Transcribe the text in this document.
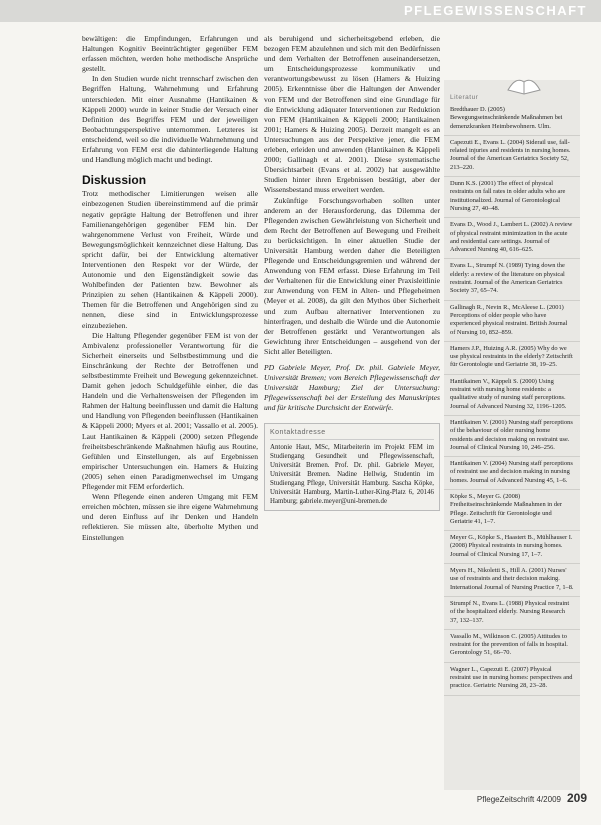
PFLEGEWISSENSCHAFT

bewältigen: die Empfindungen, Erfahrungen und Haltungen Kognitiv Beeinträchtigter gegenüber FEM erfassen möchten, werden hohe methodische Ansprüche gestellt.

In den Studien wurde nicht trennscharf zwischen den Begriffen Haltung, Wahrnehmung und Erfahrung unterschieden. Mit einer Ausnahme (Hantikainen & Käppeli 2000) wurde in keiner Studie der Versuch einer Definition des Begriffes FEM und der jeweiligen Beobachtungsperspektive unternommen. Letzteres ist entscheidend, weil so die individuelle Wahrnehmung und Erfahrung von FEM erst die dahinterliegende Haltung und Handlung möglich macht und bedingt.

Diskussion

Trotz methodischer Limitierungen weisen alle einbezogenen Studien übereinstimmend auf die primär negativ geprägte Haltung der Betroffenen und ihrer Familienangehörigen gegenüber FEM hin. Der wahrgenommene Verlust von Freiheit, Würde und Bewegungsmöglichkeit kennzeichnet diese Haltung. Das spricht dafür, bei der Entwicklung alternativer Interventionen den Respekt vor der Würde, der Autonomie und den Eigenständigkeit sowie das Wohlbefinden der Patienten bzw. Bewohner als Prinzipien zu sehen (Hantikainen & Käppeli 2000). Themen für die Betroffenen und Angehörigen sind zu nennen, diese sind in Entwicklungsprozesse einzubeziehen.

Die Haltung Pflegender gegenüber FEM ist von der Ambivalenz professioneller Verantwortung für die Sicherheit einerseits und Selbstbestimmung und die Einschränkung der Rechte der Betroffenen und selbstbestimmte Freiheit und Bewegung gekennzeichnet. Damit gehen jedoch Schuldgefühle einher, die das Handeln und die Verhaltensweisen der Pflegenden im Rahmen der Haltung beeinflussen und damit die Haltung und Handlung von Pflegenden beeinflussen (Hantikainen & Käppeli 2000; Myers et al. 2001; Vassallo et al. 2005). Laut Hantikainen & Käppeli (2000) setzen Pflegende freiheitsbeschränkende Maßnahmen häufig aus Routine, Gefühlen und Einstellungen, als auf Ergebnissen empirischer Untersuchungen ein. Hamers & Huizing (2005) sehen einen Paradigmenwechsel im Umgang Pflegender mit FEM erforderlich.

Wenn Pflegende einen anderen Umgang mit FEM erreichen möchten, müssen sie ihre eigene Wahrnehmung und deren Einfluss auf ihr Denken und Handeln reflektieren. Sie müssen alte, überholte Mythen und Einstellungen

als beruhigend und sicherheitsgebend erleben, die bezogen FEM abzulehnen und sich mit den Bedürfnissen und dem Verhalten der Betroffenen auseinandersetzen, um Entscheidungsprozesse kommunikativ und verantwortungsbewusst zu lösen (Hamers & Huizing 2005). Erkenntnisse über die Haltungen der Anwender von FEM und der Betroffenen sind eine Grundlage für die Entwicklung adäquater Interventionen zur Reduktion von FEM (Hantikainen & Käppeli 2000; Hantikainen 2001; Hamers & Huizing 2005). Derzeit mangelt es an Untersuchungen aus der Perspektive jener, die FEM erleben, erleiden und anwenden (Hantikainen & Käppeli 2000; Gallinagh et al. 2001). Diese systematische Übersichtsarbeit (Evans et al. 2002) hat ausgewählte Studien hinter ihren Ergebnissen bestätigt, aber der Wissensbestand muss erweitert werden.

Zukünftige Forschungsvorhaben sollten unter anderem an der Herausforderung, das Dilemma der Pflegenden zwischen Gewährleistung von Sicherheit und dem Recht der Betroffenen auf Bewegung und Freiheit zu berücksichtigen. In einer aktuellen Studie der Universität Hamburg werden daher die Beteiligten Pflegende und Entscheidungsgremien und während der Anwendung von FEM erfasst. Diese Erfahrung im Teil der Verhaltenen für die Entwicklung einer Praxisleitlinie zur Anwendung von FEM in Alten- und Pflegeheimen (Meyer et al. 2008), da gilt den Mythos über Sicherheit und zum Aufbau alternativer Interventionen zu hinterfragen, und deshalb die Würde und die Autonomie der Betroffenen gestärkt und Verantwortungen als Gewichtung ihrer Entscheidungen – ausgehend von der Sicht aller Beteiligten.

PD Gabriele Meyer, Prof. Dr. phil. Gabriele Meyer, Universität Bremen; vom Bereich Pflegewissenschaft der Universität Hamburg; Ziel der Untersuchung: Pflegewissenschaft bei der Erstellung des Manuskriptes und für kritische Durchsicht der Entwürfe.
Kontaktadresse
Antonie Haut, MSc, Mitarbeiterin im Projekt FEM im Studiengang Gesundheit und Pflegewissenschaft, Universität Bremen. Prof. Dr. phil. Gabriele Meyer, Universität Bremen. Nadine Hellwig, Studentin im Studiengang Pflege, Universität Hamburg. Sascha Köpke, Universität Hamburg, Martin-Luther-King-Platz 6, 20146 Hamburg; gabriele.meyer@uni-bremen.de
Literatur
Bredthauer D. (2005) Bewegungseinschränkende Maßnahmen bei demenzkranken Heimbewohnern. Ulm.
Capezuti E., Evans L. (2004) Siderail use, fall-related injuries and residents in nursing homes. Journal of the American Geriatrics Society 52, 213–220.
Dunn K.S. (2001) The effect of physical restraints on fall rates in older adults who are institutionalized. Journal of Gerontological Nursing 27, 40–48.
Evans D., Wood J., Lambert L. (2002) A review of physical restraint minimization in the acute and residential care settings. Journal of Advanced Nursing 40, 616–625.
Evans L., Strumpf N. (1989) Tying down the elderly: a review of the literature on physical restraint. Journal of the American Geriatrics Society 37, 65–74.
Gallinagh R., Nevin R., McAleese L. (2001) Perceptions of older people who have experienced physical restraint. British Journal of Nursing 10, 852–859.
Hamers J.P., Huizing A.R. (2005) Why do we use physical restraints in the elderly? Zeitschrift für Gerontologie und Geriatrie 38, 19–25.
Hantikainen V., Käppeli S. (2000) Using restraint with nursing home residents: a qualitative study of nursing staff perceptions. Journal of Advanced Nursing 32, 1196–1205.
Hantikainen V. (2001) Nursing staff perceptions of the behaviour of older nursing home residents and decision making on restraint use. Journal of Clinical Nursing 10, 246–256.
Hantikainen V. (2004) Nursing staff perceptions of restraint use and decision making in nursing homes. Journal of Advanced Nursing 45, 1–6.
Köpke S., Meyer G. (2008) Freiheitseinschränkende Maßnahmen in der Pflege. Zeitschrift für Gerontologie und Geriatrie 41, 1–7.
Meyer G., Köpke S., Haastert B., Mühlhauser I. (2008) Physical restraints in nursing homes. Journal of Clinical Nursing 17, 1–7.
Myers H., Nikoletti S., Hill A. (2001) Nurses' use of restraints and their decision making. International Journal of Nursing Practice 7, 1–8.
Strumpf N., Evans L. (1988) Physical restraint of the hospitalized elderly. Nursing Research 37, 132–137.
Vassallo M., Wilkinson C. (2005) Attitudes to restraint for the prevention of falls in hospital. Gerontology 51, 66–70.
Wagner L., Capezuti E. (2007) Physical restraint use in nursing homes: perspectives and practice. Geriatric Nursing 28, 23–28.
PflegeZeitschrift 4/2009 209
